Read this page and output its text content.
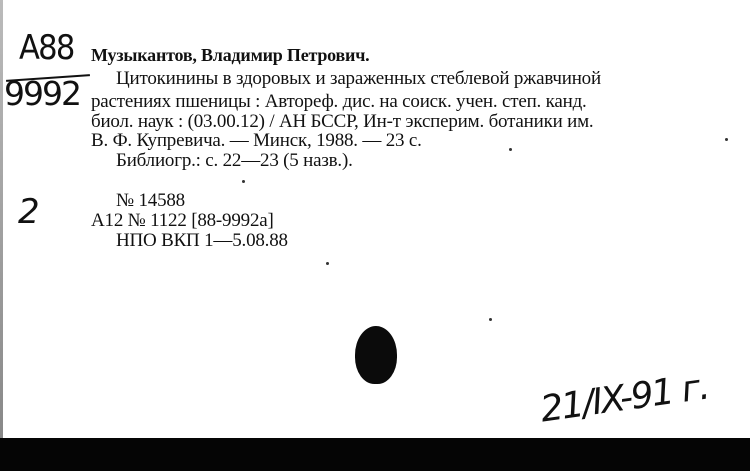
A88
9992
Музыкантов, Владимир Петрович.
Цитокинины в здоровых и зараженных стеблевой ржавчиной
растениях пшеницы : Автореф. дис. на соиск. учен. степ. канд.
биол. наук : (03.00.12) / АН БССР, Ин-т эксперим. ботаники им.
В. Ф. Купревича. — Минск, 1988. — 23 с.
Библиогр.: с. 22—23 (5 назв.).
2	№ 14588
А12 № 1122 [88-9992а]
НПО ВКП 1—5.08.88
21/IX-91 г.
